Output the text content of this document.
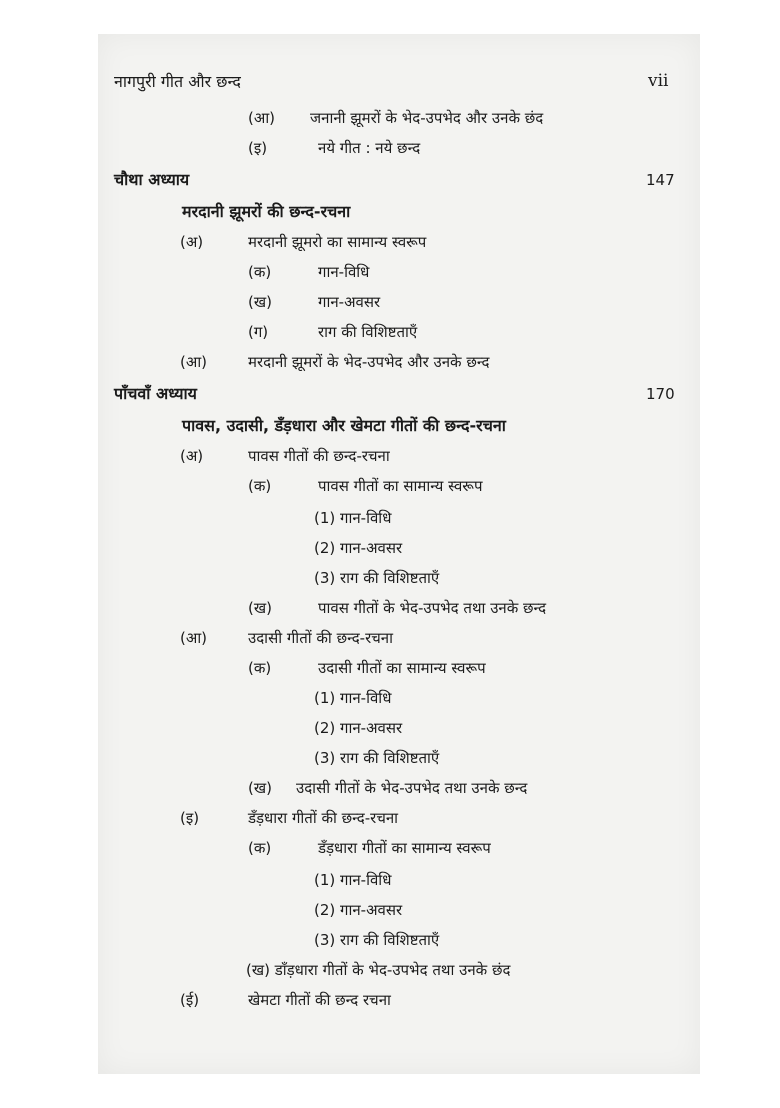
नागपुरी गीत और छन्द	vii
(आ) जनानी झूमरों के भेद-उपभेद और उनके छंद
(इ)	नये गीत : नये छन्द
चौथा अध्याय	147
मरदानी झूमरों की छन्द-रचना
(अ)	मरदानी झूमरो का सामान्य स्वरूप
(क)	गान-विधि
(ख)	गान-अवसर
(ग)	राग की विशिष्टताएँ
(आ)	मरदानी झूमरों के भेद-उपभेद और उनके छन्द
पाँचवाँ अध्याय	170
पावस, उदासी, डँड़धारा और खेमटा गीतों की छन्द-रचना
(अ)	पावस गीतों की छन्द-रचना
(क)	पावस गीतों का सामान्य स्वरूप
(1) गान-विधि
(2) गान-अवसर
(3) राग की विशिष्टताएँ
(ख)	पावस गीतों के भेद-उपभेद तथा उनके छन्द
(आ)	उदासी गीतों की छन्द-रचना
(क)	उदासी गीतों का सामान्य स्वरूप
(1) गान-विधि
(2) गान-अवसर
(3) राग की विशिष्टताएँ
(ख) उदासी गीतों के भेद-उपभेद तथा उनके छन्द
(इ)	डँड़धारा गीतों की छन्द-रचना
(क)	डँड़धारा गीतों का सामान्य स्वरूप
(1) गान-विधि
(2) गान-अवसर
(3) राग की विशिष्टताएँ
(ख) डाँड़धारा गीतों के भेद-उपभेद तथा उनके छंद
(ई)	खेमटा गीतों की छन्द रचना
